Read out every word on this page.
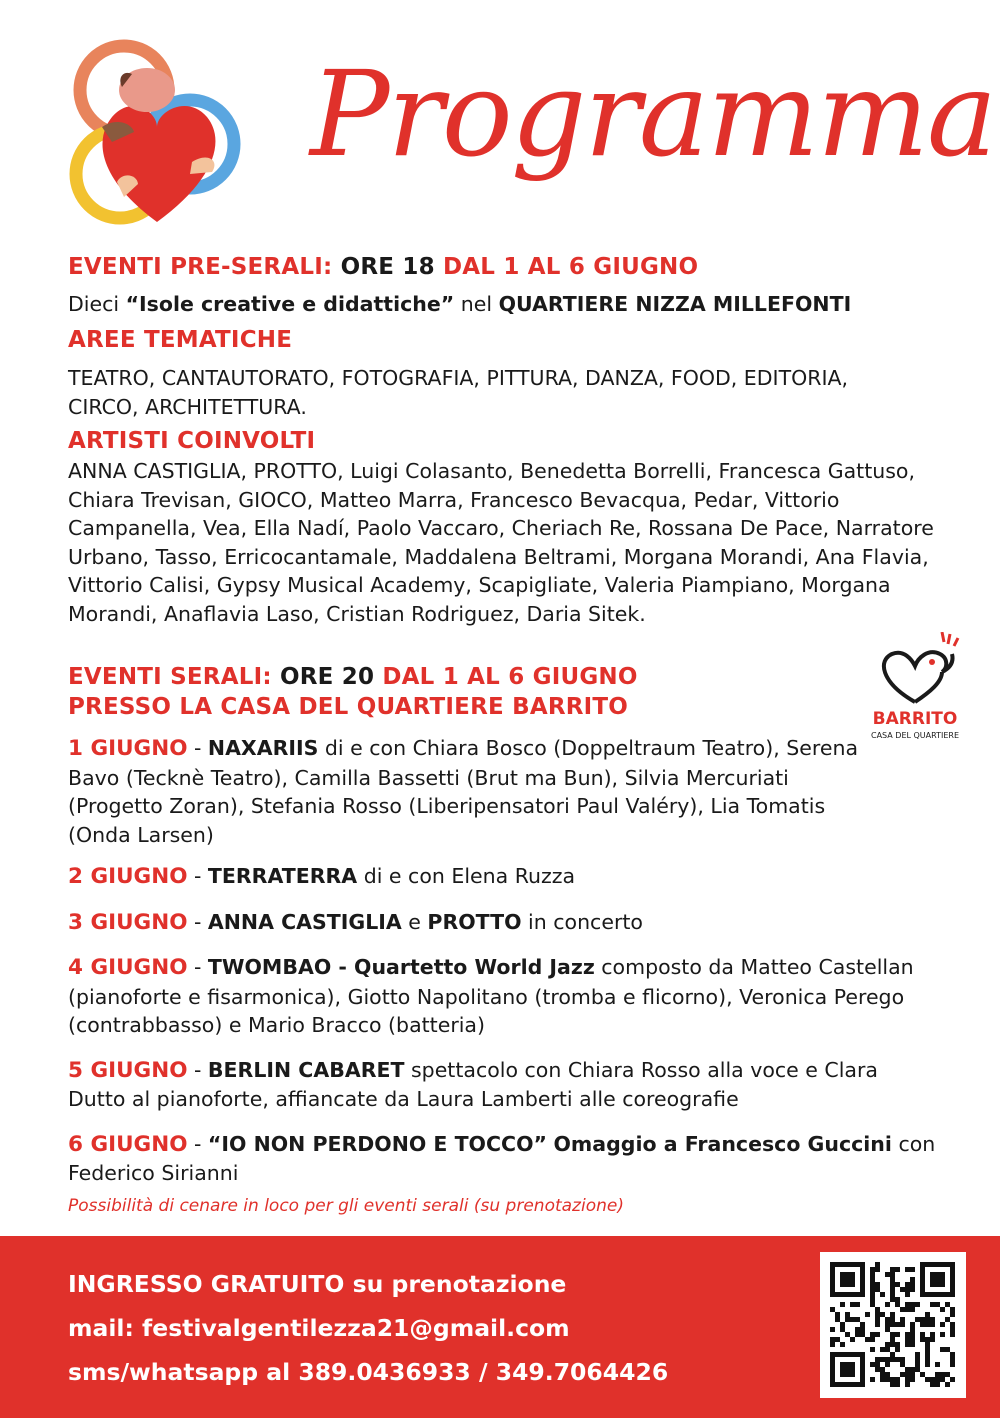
Programma
EVENTI PRE-SERALI: ORE 18 DAL 1 AL 6 GIUGNO
Dieci “Isole creative e didattiche” nel QUARTIERE NIZZA MILLEFONTI
AREE TEMATICHE
TEATRO, CANTAUTORATO, FOTOGRAFIA, PITTURA, DANZA, FOOD, EDITORIA, CIRCO, ARCHITETTURA.
ARTISTI COINVOLTI
ANNA CASTIGLIA, PROTTO, Luigi Colasanto, Benedetta Borrelli, Francesca Gattuso, Chiara Trevisan, GIOCO, Matteo Marra, Francesco Bevacqua, Pedar, Vittorio Campanella, Vea, Ella Nadí, Paolo Vaccaro, Cheriach Re, Rossana De Pace, Narratore Urbano, Tasso, Erricocantamale, Maddalena Beltrami, Morgana Morandi, Ana Flavia, Vittorio Calisi, Gypsy Musical Academy, Scapigliate, Valeria Piampiano, Morgana Morandi, Anaflavia Laso, Cristian Rodriguez, Daria Sitek.
EVENTI SERALI: ORE 20 DAL 1 AL 6 GIUGNO
PRESSO LA CASA DEL QUARTIERE BARRITO	BARRITO
CASA DEL QUARTIERE
1 GIUGNO - NAXARIIS di e con Chiara Bosco (Doppeltraum Teatro), Serena Bavo (Tecknè Teatro), Camilla Bassetti (Brut ma Bun), Silvia Mercuriati (Progetto Zoran), Stefania Rosso (Liberipensatori Paul Valéry), Lia Tomatis (Onda Larsen)
2 GIUGNO - TERRATERRA di e con Elena Ruzza
3 GIUGNO - ANNA CASTIGLIA e PROTTO in concerto
4 GIUGNO - TWOMBAO - Quartetto World Jazz composto da Matteo Castellan (pianoforte e fisarmonica), Giotto Napolitano (tromba e flicorno), Veronica Perego (contrabbasso) e Mario Bracco (batteria)
5 GIUGNO - BERLIN CABARET spettacolo con Chiara Rosso alla voce e Clara Dutto al pianoforte, affiancate da Laura Lamberti alle coreografie
6 GIUGNO - “IO NON PERDONO E TOCCO” Omaggio a Francesco Guccini con Federico Sirianni
Possibilità di cenare in loco per gli eventi serali (su prenotazione)
INGRESSO GRATUITO su prenotazione
mail: festivalgentilezza21@gmail.com
sms/whatsapp al 389.0436933 / 349.7064426
